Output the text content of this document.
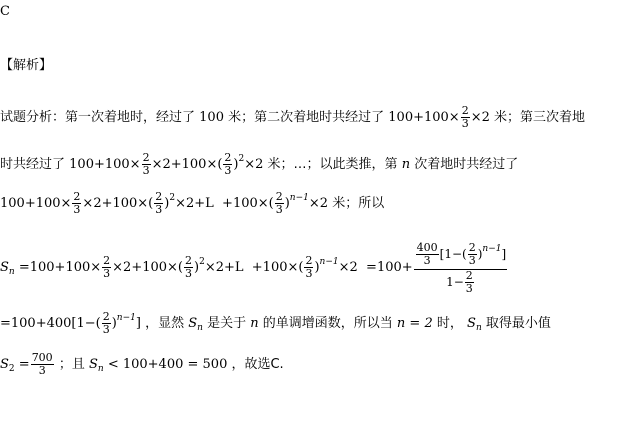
C
【解析】
试题分析：第一次着地时，经过了 100 米；第二次着地时共经过了 $100+100\times \frac{2}{3} \times 2$ 米；第三次着地
时共经过了 $100+100\times \frac{2}{3} \times 2+100\times( \frac{2}{3} )^2\times 2$ 米；…；以此类推，第 n 次着地时共经过了
$100+100\times \frac{2}{3} \times 2+100\times( \frac{2}{3} )^2\times 2+L +100\times( \frac{2}{3} )^{n-1}\times 2$ 米；所以
$S_n =100+100\times \frac{2}{3} \times 2+100\times( \frac{2}{3} )^2\times 2+L +100\times( \frac{2}{3} )^{n-1}\times 2 =100+ \frac{\frac{400}{3} [1-( \frac{2}{3} )^{n-1}]}{1- \frac{2}{3}}$
$=100+400[1-( \frac{2}{3} )^{n-1}]$ ，显然 $S_n$ 是关于 n 的单调增函数，所以当 n = 2 时， $S_n$ 取得最小值
$S_2 = \frac{700}{3}$ ；且 $S_n < 100+400 = 500$ ，故选C.
